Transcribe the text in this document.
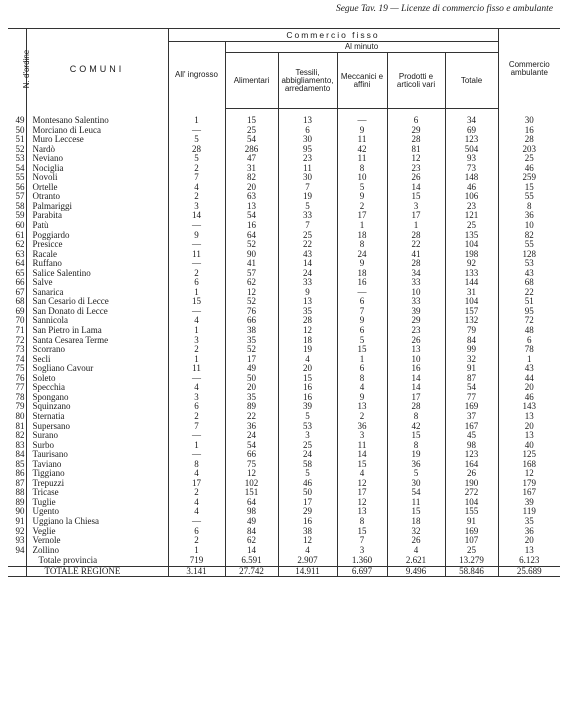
Segue Tav. 19 — Licenze di commercio fisso e ambulante
N. d'ordine	COMUNI	Commercio fisso						Commercio ambulante
		All' ingrosso	Al minuto					
			Alimentari	Tessili, abbigliamento, arredamento	Meccanici e affini	Prodotti e articoli vari	Totale	
49	Montesano Salentino	1	15	13	—	6	34	30
50	Morciano di Leuca	—	25	6	9	29	69	16
51	Muro Leccese	5	54	30	11	28	123	28
52	Nardò	28	286	95	42	81	504	203
53	Neviano	5	47	23	11	12	93	25
54	Nociglia	2	31	11	8	23	73	46
55	Novoli	7	82	30	10	26	148	259
56	Ortelle	4	20	7	5	14	46	15
57	Otranto	2	63	19	9	15	106	55
58	Palmariggi	3	13	5	2	3	23	8
59	Parabita	14	54	33	17	17	121	36
60	Patù	—	16	7	1	1	25	10
61	Poggiardo	9	64	25	18	28	135	82
62	Presicce	—	52	22	8	22	104	55
63	Racale	11	90	43	24	41	198	128
64	Ruffano	—	41	14	9	28	92	53
65	Salice Salentino	2	57	24	18	34	133	43
66	Salve	6	62	33	16	33	144	68
67	Sanarica	1	12	9	—	10	31	22
68	San Cesario di Lecce	15	52	13	6	33	104	51
69	San Donato di Lecce	—	76	35	7	39	157	95
70	Sannicola	4	66	28	9	29	132	72
71	San Pietro in Lama	1	38	12	6	23	79	48
72	Santa Cesarea Terme	3	35	18	5	26	84	6
73	Scorrano	2	52	19	15	13	99	78
74	Secli	1	17	4	1	10	32	1
75	Sogliano Cavour	11	49	20	6	16	91	43
76	Soleto	—	50	15	8	14	87	44
77	Specchia	4	20	16	4	14	54	20
78	Spongano	3	35	16	9	17	77	46
79	Squinzano	6	89	39	13	28	169	143
80	Sternatia	2	22	5	2	8	37	13
81	Supersano	7	36	53	36	42	167	20
82	Surano	—	24	3	3	15	45	13
83	Surbo	1	54	25	11	8	98	40
84	Taurisano	—	66	24	14	19	123	125
85	Taviano	8	75	58	15	36	164	168
86	Tiggiano	4	12	5	4	5	26	12
87	Trepuzzi	17	102	46	12	30	190	179
88	Tricase	2	151	50	17	54	272	167
89	Tuglie	4	64	17	12	11	104	39
90	Ugento	4	98	29	13	15	155	119
91	Uggiano la Chiesa	—	49	16	8	18	91	35
92	Veglie	6	84	38	15	32	169	36
93	Vernole	2	62	12	7	26	107	20
94	Zollino	1	14	4	3	4	25	13
	Totale provincia	719	6.591	2.907	1.360	2.621	13.279	6.123
	TOTALE REGIONE	3.141	27.742	14.911	6.697	9.496	58.846	25.689
